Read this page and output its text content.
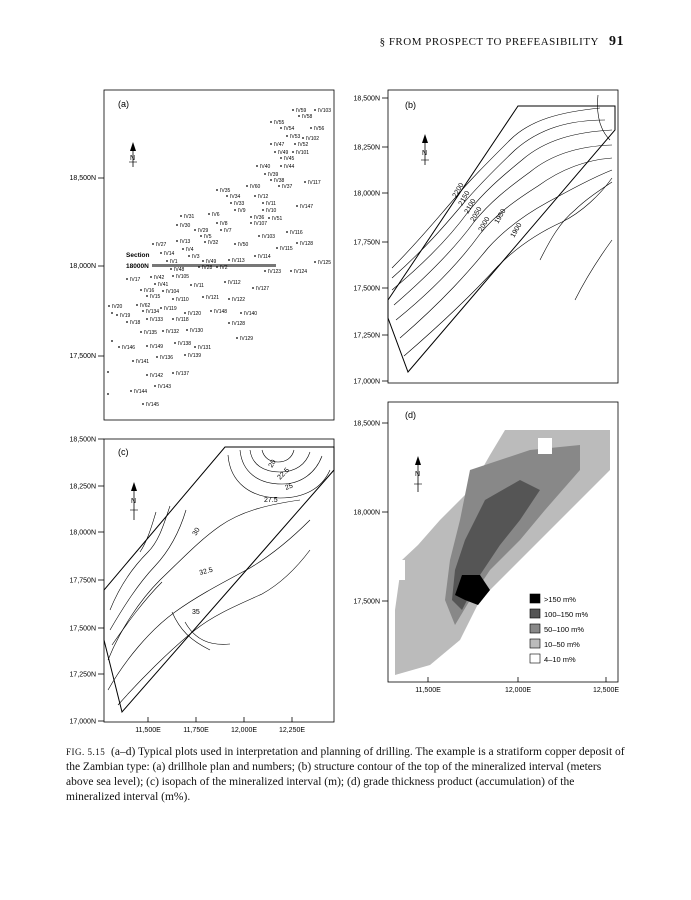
§ FROM PROSPECT TO PREFEASIBILITY 91
(a)
N
18,500N
18,000N
17,500N
Section
18000N
IV59 IV103
IV58
IV55
IV54	IV56
IV53 IV102
IV47	IV52
IV49 IV101
IV45
IV40	IV44
IV39
IV38	IV117
IV37
IV60
IV35
IV12
IV34
IV33	IV11	IV147
IV10
IV9
IV36
IV6
IV51
IV8	IV107
IV31
IV30
IV29	IV7	IV116
IV5	IV103
IV27	IV13	IV32	IV50
IV4
IV128
IV14	IV3
IV1	IV49	IV113
IV114
IV115
IV125
IV48	IV28 IV2
IV123	IV124
IV17	IV42 IV105
IV41	IV11	IV112
IV127
IV16 IV104
IV15	IV110	IV121	IV122
IV20	IV62	IV119
IV19
IV134	IV120	IV148	IV140
IV18 IV133	IV118
IV128
IV135 IV132 IV130
IV129
IV146	IV149	IV138
IV131
IV141
IV136	IV139
IV142	IV137
IV144
IV143
IV145
(b)
N
18,500N
18,250N
18,000N
17,750N
17,500N
17,250N
17,000N
2200
2150
2100
2050
2000 1950
1900
(c)
N
18,500N
18,250N
18,000N
17,750N
17,500N
17,250N
17,000N
11,500E	11,750E	12,000E	12,250E
20
22.5
25
27.5
30
32.5
35
(d)
N
18,500N
18,000N
17,500N
11,500E	12,000E	12,500E
>150 m%
100–150 m%
50–100 m%
10–50 m%
4–10 m%
FIG. 5.15 (a–d) Typical plots used in interpretation and planning of drilling. The example is a stratiform copper deposit of the Zambian type: (a) drillhole plan and numbers; (b) structure contour of the top of the mineralized interval (meters above sea level); (c) isopach of the mineralized interval (m); (d) grade thickness product (accumulation) of the mineralized interval (m%).
